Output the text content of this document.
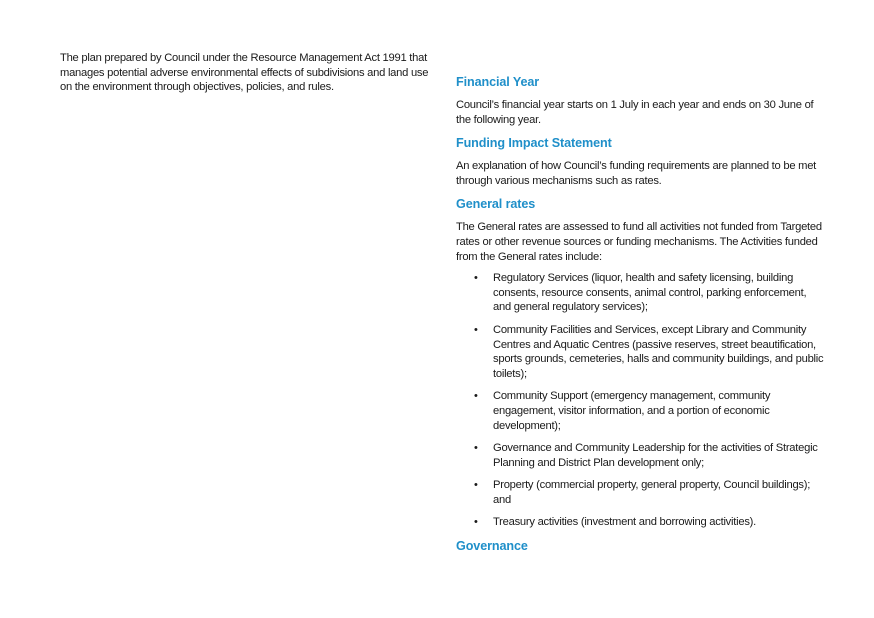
The plan prepared by Council under the Resource Management Act 1991 that manages potential adverse environmental effects of subdivisions and land use on the environment through objectives, policies, and rules.	Financial Year

Council’s financial year starts on 1 July in each year and ends on 30 June of the following year.

Funding Impact Statement

An explanation of how Council’s funding requirements are planned to be met through various mechanisms such as rates.

General rates

The General rates are assessed to fund all activities not funded from Targeted rates or other revenue sources or funding mechanisms. The Activities funded from the General rates include:

• Regulatory Services (liquor, health and safety licensing, building consents, resource consents, animal control, parking enforcement, and general regulatory services);
• Community Facilities and Services, except Library and Community Centres and Aquatic Centres (passive reserves, street beautification, sports grounds, cemeteries, halls and community buildings, and public toilets);
• Community Support (emergency management, community engagement, visitor information, and a portion of economic development);
• Governance and Community Leadership for the activities of Strategic Planning and District Plan development only;
• Property (commercial property, general property, Council buildings); and
• Treasury activities (investment and borrowing activities).
Governance
